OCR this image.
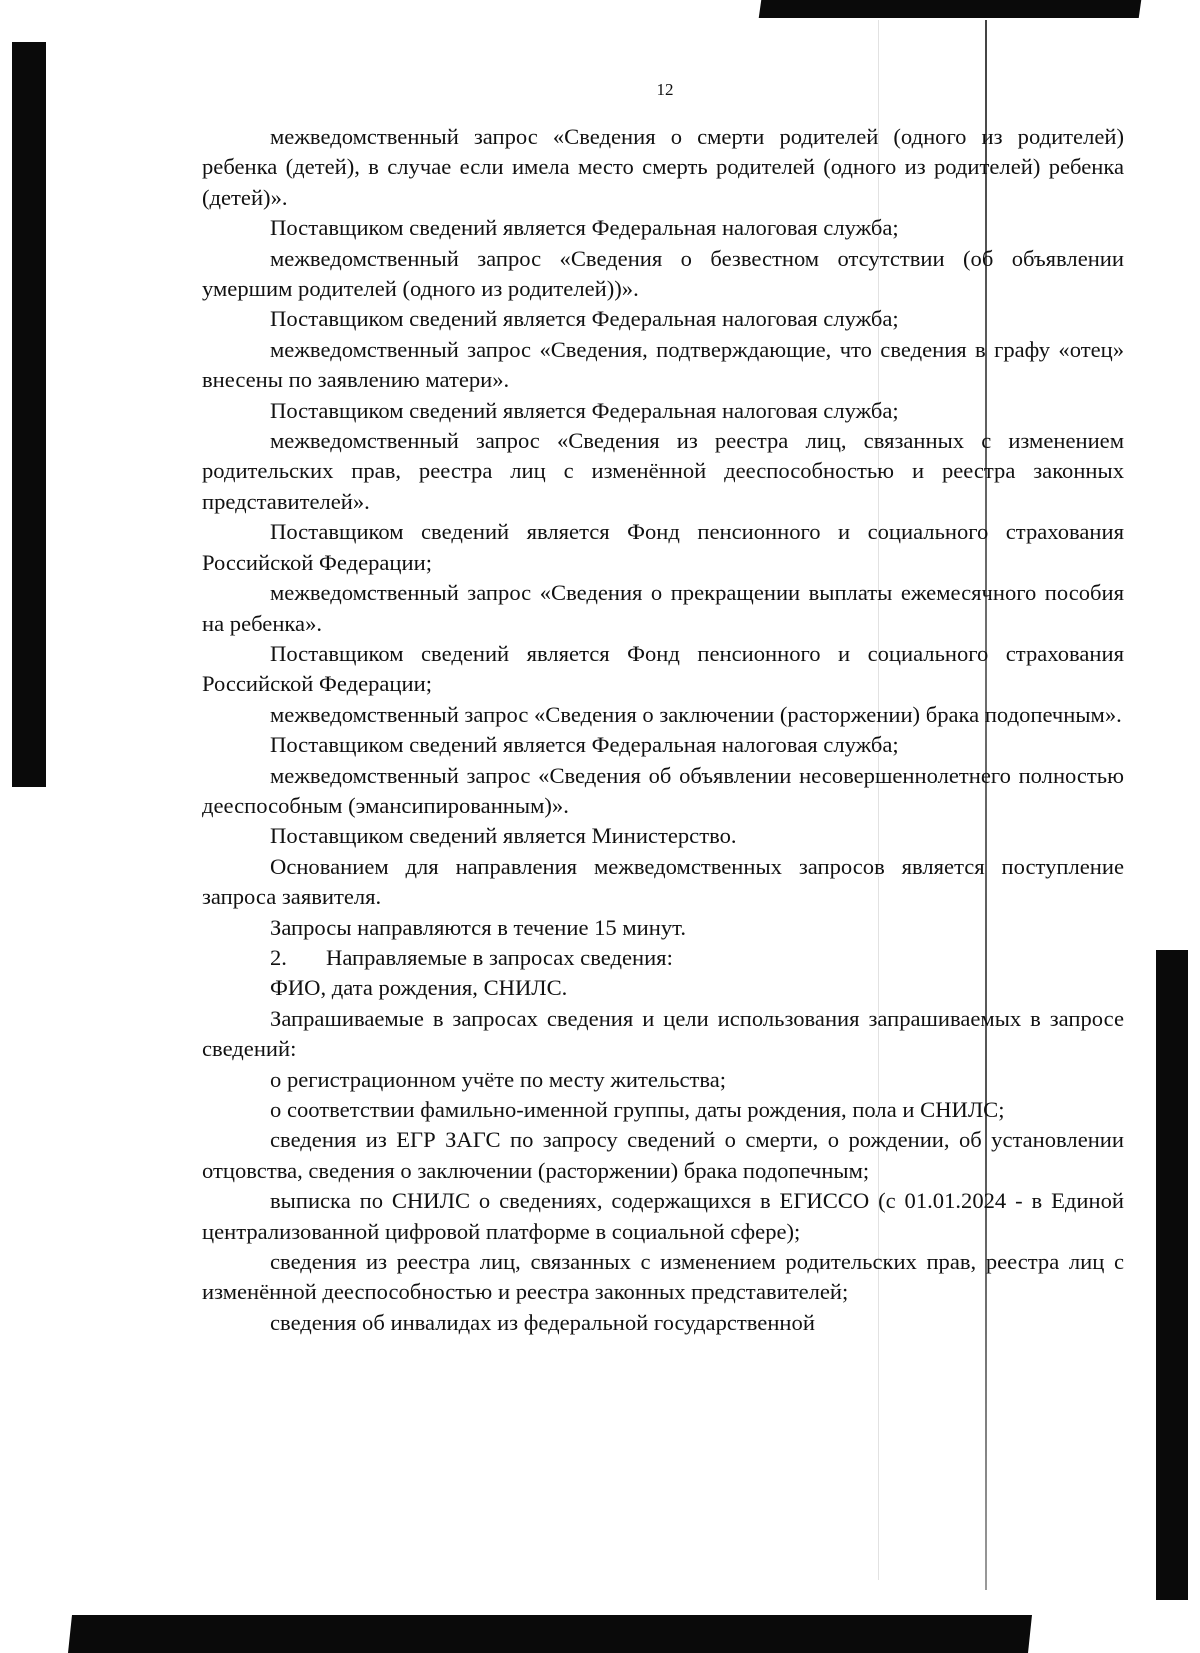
12

межведомственный запрос «Сведения о смерти родителей (одного из родителей) ребенка (детей), в случае если имела место смерть родителей (одного из родителей) ребенка (детей)».

Поставщиком сведений является Федеральная налоговая служба;

межведомственный запрос «Сведения о безвестном отсутствии (об объявлении умершим родителей (одного из родителей))».

Поставщиком сведений является Федеральная налоговая служба;

межведомственный запрос «Сведения, подтверждающие, что сведения в графу «отец» внесены по заявлению матери».

Поставщиком сведений является Федеральная налоговая служба;

межведомственный запрос «Сведения из реестра лиц, связанных с изменением родительских прав, реестра лиц с изменённой дееспособностью и реестра законных представителей».

Поставщиком сведений является Фонд пенсионного и социального страхования Российской Федерации;

межведомственный запрос «Сведения о прекращении выплаты ежемесячного пособия на ребенка».

Поставщиком сведений является Фонд пенсионного и социального страхования Российской Федерации;

межведомственный запрос «Сведения о заключении (расторжении) брака подопечным».

Поставщиком сведений является Федеральная налоговая служба;

межведомственный запрос «Сведения об объявлении несовершеннолетнего полностью дееспособным (эмансипированным)».

Поставщиком сведений является Министерство.

Основанием для направления межведомственных запросов является поступление запроса заявителя.

Запросы направляются в течение 15 минут.

2. Направляемые в запросах сведения:

ФИО, дата рождения, СНИЛС.

Запрашиваемые в запросах сведения и цели использования запрашиваемых в запросе сведений:

о регистрационном учёте по месту жительства;

о соответствии фамильно-именной группы, даты рождения, пола и СНИЛС;

сведения из ЕГР ЗАГС по запросу сведений о смерти, о рождении, об установлении отцовства, сведения о заключении (расторжении) брака подопечным;

выписка по СНИЛС о сведениях, содержащихся в ЕГИССО (с 01.01.2024 - в Единой централизованной цифровой платформе в социальной сфере);

сведения из реестра лиц, связанных с изменением родительских прав, реестра лиц с изменённой дееспособностью и реестра законных представителей;

сведения об инвалидах из федеральной государственной
